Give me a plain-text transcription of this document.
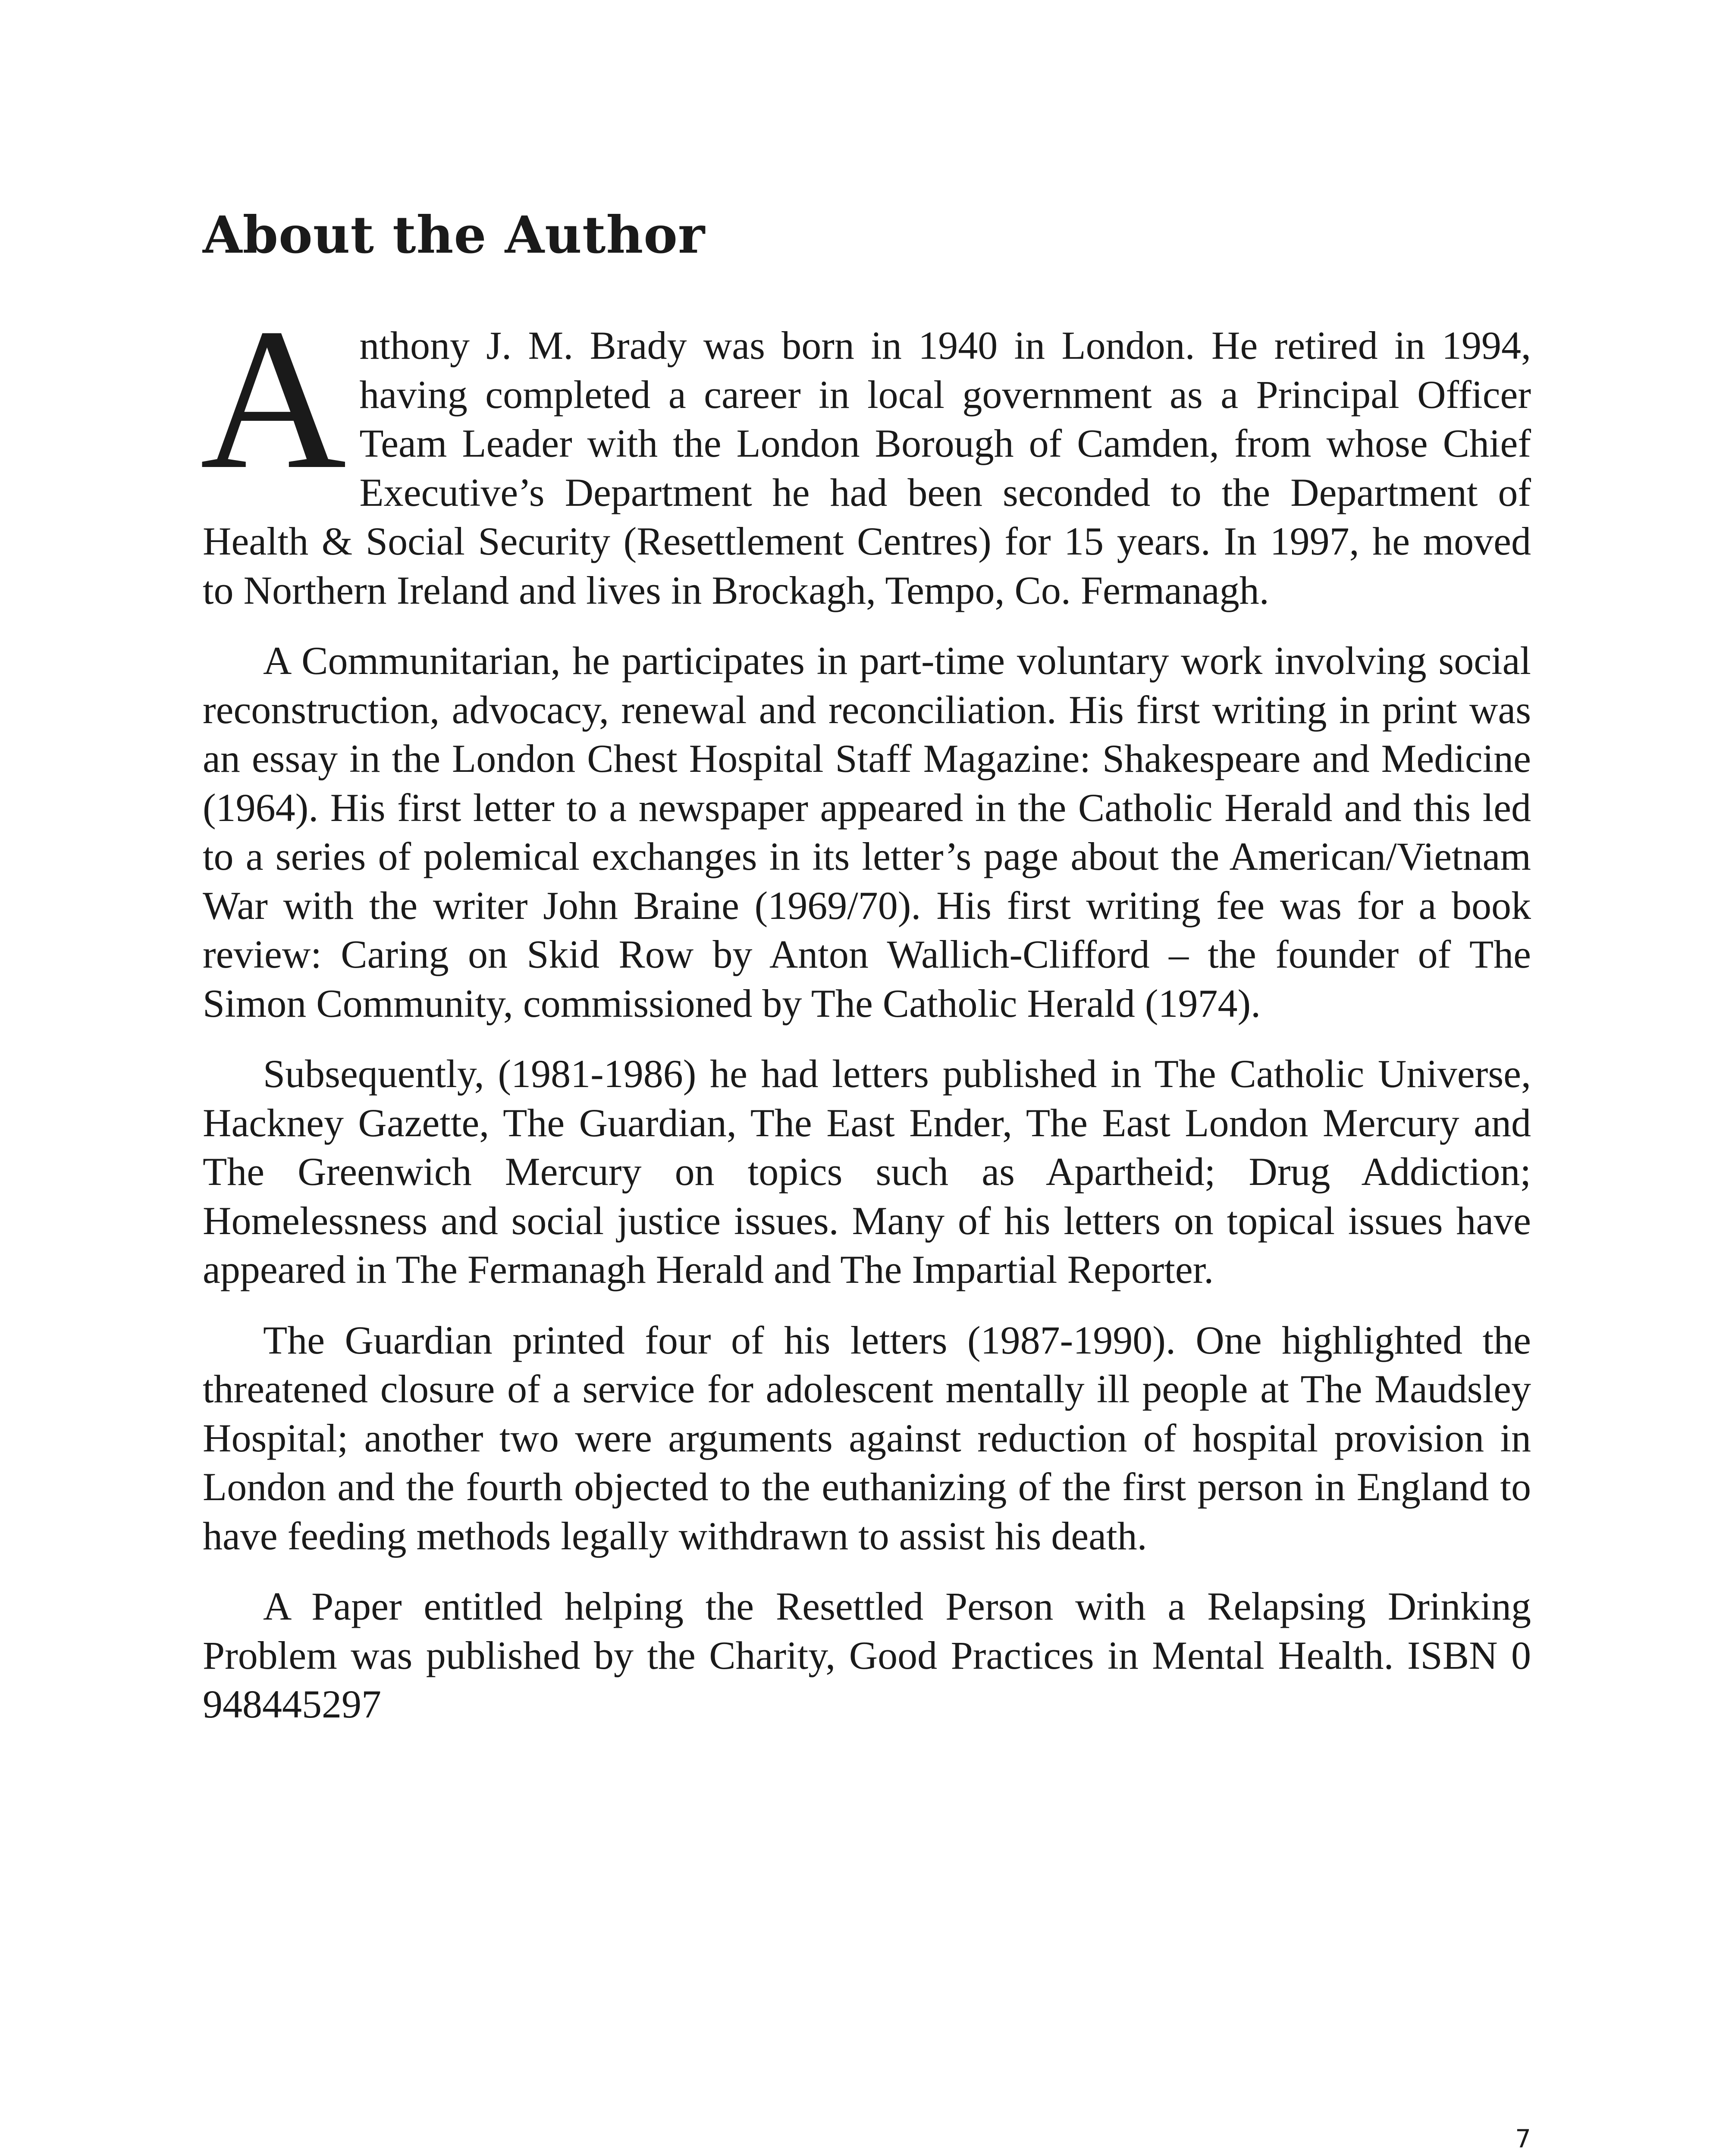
About the Author

Anthony J. M. Brady was born in 1940 in London. He retired in 1994, having completed a career in local government as a Principal Officer Team Leader with the London Borough of Camden, from whose Chief Executive’s Department he had been seconded to the Department of Health & Social Security (Resettlement Centres) for 15 years. In 1997, he moved to Northern Ireland and lives in Brockagh, Tempo, Co. Fermanagh.

A Communitarian, he participates in part-time voluntary work involving social reconstruction, advocacy, renewal and reconciliation. His first writing in print was an essay in the London Chest Hospital Staff Magazine: Shakespeare and Medicine (1964). His first letter to a newspaper appeared in the Catholic Herald and this led to a series of polemical exchanges in its letter’s page about the American/Vietnam War with the writer John Braine (1969/70). His first writing fee was for a book review: Caring on Skid Row by Anton Wallich-Clifford – the founder of The Simon Community, commissioned by The Catholic Herald (1974).

Subsequently, (1981-1986) he had letters published in The Catholic Universe, Hackney Gazette, The Guardian, The East Ender, The East London Mercury and The Greenwich Mercury on topics such as Apartheid; Drug Addiction; Homelessness and social justice issues. Many of his letters on topical issues have appeared in The Fermanagh Herald and The Impartial Reporter.

The Guardian printed four of his letters (1987-1990). One highlighted the threatened closure of a service for adolescent mentally ill people at The Maudsley Hospital; another two were arguments against reduction of hospital provision in London and the fourth objected to the euthanizing of the first person in England to have feeding methods legally withdrawn to assist his death.

A Paper entitled helping the Resettled Person with a Relapsing Drinking Problem was published by the Charity, Good Practices in Mental Health. ISBN 0 948445297

7
